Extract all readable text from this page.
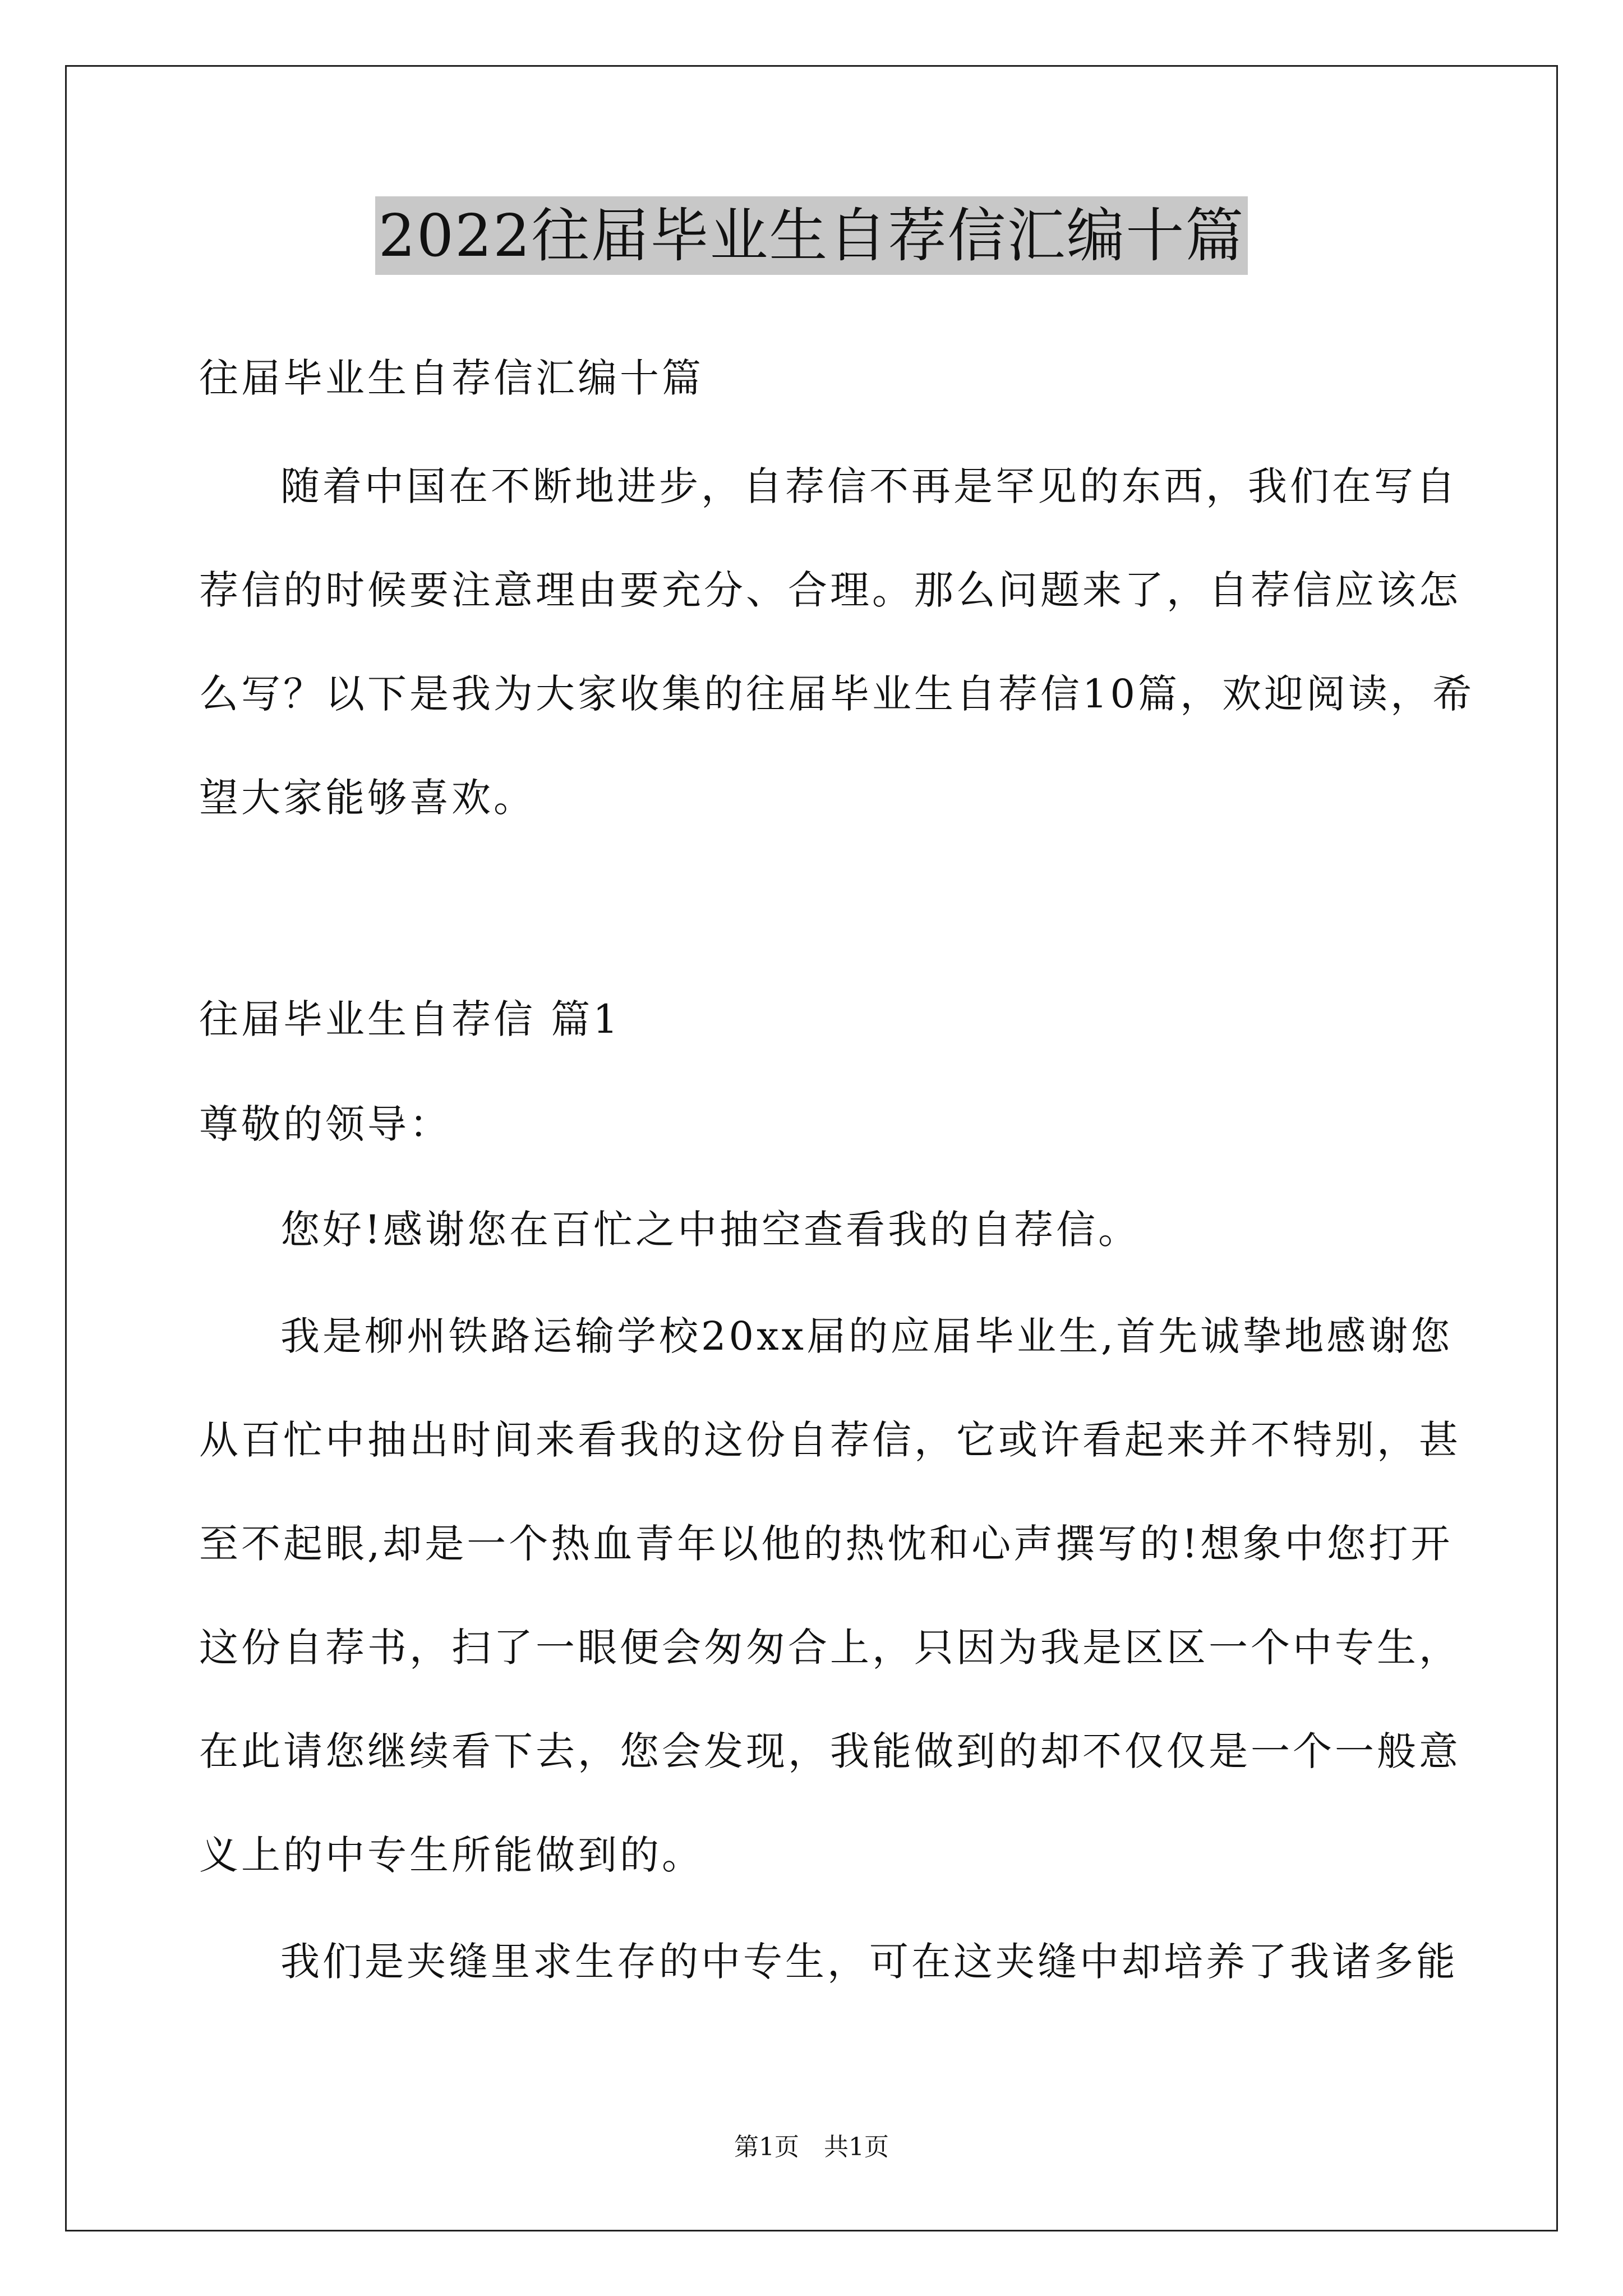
2022往届毕业生自荐信汇编十篇
往届毕业生自荐信汇编十篇
随着中国在不断地进步，自荐信不再是罕见的东西，我们在写自
荐信的时候要注意理由要充分、合理。那么问题来了，自荐信应该怎
么写？以下是我为大家收集的往届毕业生自荐信10篇，欢迎阅读，希
望大家能够喜欢。
往届毕业生自荐信 篇1
尊敬的领导：
您好!感谢您在百忙之中抽空查看我的自荐信。
我是柳州铁路运输学校20xx届的应届毕业生,首先诚挚地感谢您
从百忙中抽出时间来看我的这份自荐信，它或许看起来并不特别，甚
至不起眼,却是一个热血青年以他的热忱和心声撰写的!想象中您打开
这份自荐书，扫了一眼便会匆匆合上，只因为我是区区一个中专生，
在此请您继续看下去，您会发现，我能做到的却不仅仅是一个一般意
义上的中专生所能做到的。
我们是夹缝里求生存的中专生，可在这夹缝中却培养了我诸多能
第1页　共1页
